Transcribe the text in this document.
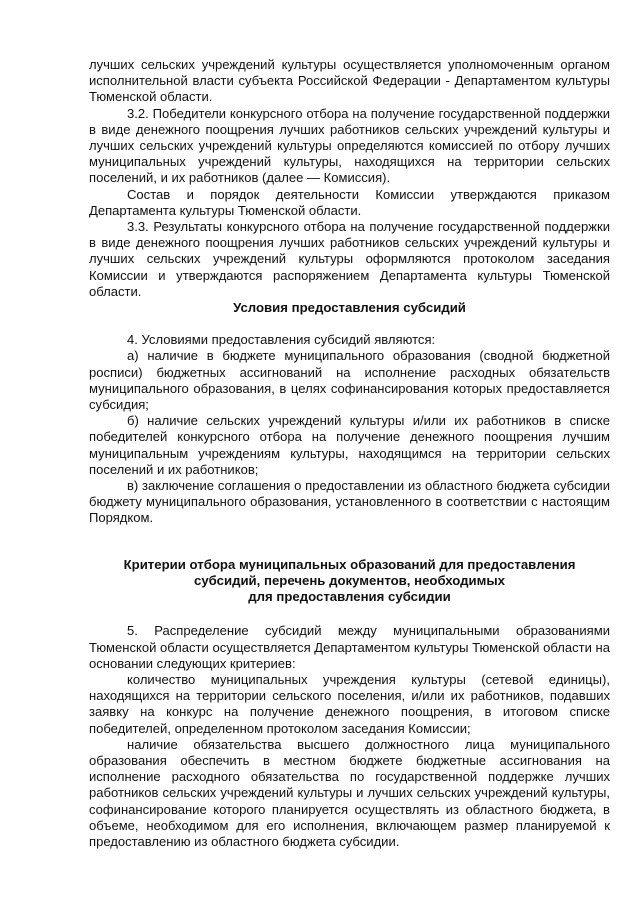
лучших сельских учреждений культуры осуществляется уполномоченным органом исполнительной власти субъекта Российской Федерации - Департаментом культуры Тюменской области.

3.2. Победители конкурсного отбора на получение государственной поддержки в виде денежного поощрения лучших работников сельских учреждений культуры и лучших сельских учреждений культуры определяются комиссией по отбору лучших муниципальных учреждений культуры, находящихся на территории сельских поселений, и их работников (далее — Комиссия).

Состав и порядок деятельности Комиссии утверждаются приказом Департамента культуры Тюменской области.

3.3. Результаты конкурсного отбора на получение государственной поддержки в виде денежного поощрения лучших работников сельских учреждений культуры и лучших сельских учреждений культуры оформляются протоколом заседания Комиссии и утверждаются распоряжением Департамента культуры Тюменской области.

Условия предоставления субсидий

4. Условиями предоставления субсидий являются:

а) наличие в бюджете муниципального образования (сводной бюджетной росписи) бюджетных ассигнований на исполнение расходных обязательств муниципального образования, в целях софинансирования которых предоставляется субсидия;

б) наличие сельских учреждений культуры и/или их работников в списке победителей конкурсного отбора на получение денежного поощрения лучшим муниципальным учреждениям культуры, находящимся на территории сельских поселений и их работников;

в) заключение соглашения о предоставлении из областного бюджета субсидии бюджету муниципального образования, установленного в соответствии с настоящим Порядком.

Критерии отбора муниципальных образований для предоставления
субсидий, перечень документов, необходимых
для предоставления субсидии

5. Распределение субсидий между муниципальными образованиями Тюменской области осуществляется Департаментом культуры Тюменской области на основании следующих критериев:

количество муниципальных учреждения культуры (сетевой единицы), находящихся на территории сельского поселения, и/или их работников, подавших заявку на конкурс на получение денежного поощрения, в итоговом списке победителей, определенном протоколом заседания Комиссии;

наличие обязательства высшего должностного лица муниципального образования обеспечить в местном бюджете бюджетные ассигнования на исполнение расходного обязательства по государственной поддержке лучших работников сельских учреждений культуры и лучших сельских учреждений культуры, софинансирование которого планируется осуществлять из областного бюджета, в объеме, необходимом для его исполнения, включающем размер планируемой к предоставлению из областного бюджета субсидии.
